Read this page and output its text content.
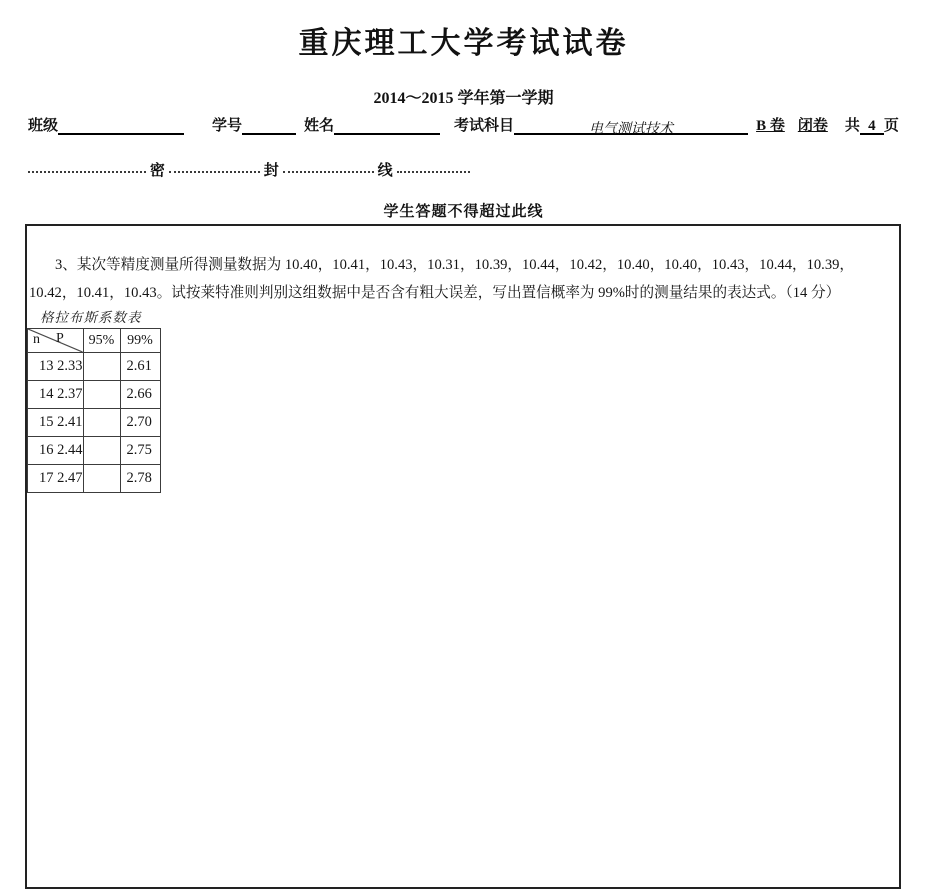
重庆理工大学考试试卷
2014～2015 学年第一学期
班级	学号	姓名	考试科目	电气测试技术	B 卷 闭卷 共 4 页
密	封	线
学生答题不得超过此线
3、某次等精度测量所得测量数据为 10.40，10.41，10.43，10.31，10.39，10.44，10.42，10.40，10.40，10.43，10.44，10.39，
10.42，10.41，10.43。试按莱特准则判别这组数据中是否含有粗大误差，写出置信概率为 99%时的测量结果的表达式。（14 分）
格拉布斯系数表
n P	95%	99%
13 2.33		2.61
14 2.37		2.66
15 2.41		2.70
16 2.44		2.75
17 2.47		2.78
